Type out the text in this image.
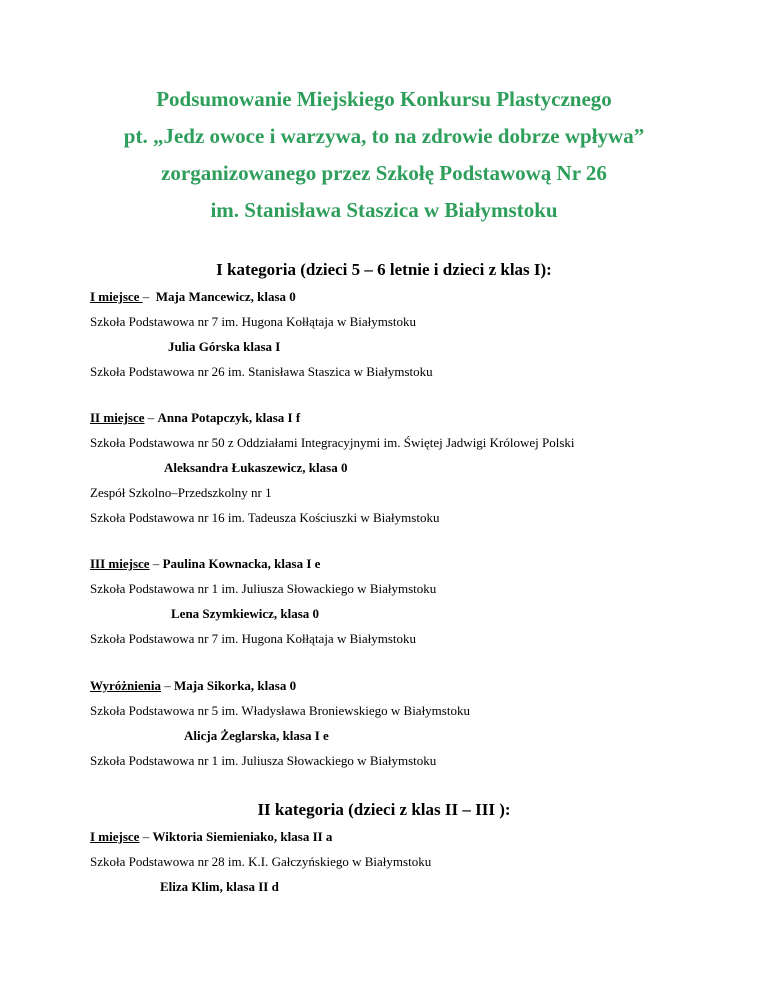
Podsumowanie Miejskiego Konkursu Plastycznego
pt. „Jedz owoce i warzywa, to na zdrowie dobrze wpływa”
zorganizowanego przez Szkołę Podstawową Nr 26
im. Stanisława Staszica w Białymstoku
I kategoria (dzieci 5 – 6 letnie i dzieci z klas I):
I miejsce –  Maja Mancewicz, klasa 0
Szkoła Podstawowa nr 7 im. Hugona Kołłątaja w Białymstoku
Julia Górska klasa I
Szkoła Podstawowa nr 26 im. Stanisława Staszica w Białymstoku
II miejsce – Anna Potapczyk, klasa I f
Szkoła Podstawowa nr 50 z Oddziałami Integracyjnymi im. Świętej Jadwigi Królowej Polski
Aleksandra Łukaszewicz, klasa 0
Zespół Szkolno–Przedszkolny nr 1
Szkoła Podstawowa nr 16 im. Tadeusza Kościuszki w Białymstoku
III miejsce – Paulina Kownacka, klasa I e
Szkoła Podstawowa nr 1 im. Juliusza Słowackiego w Białymstoku
Lena Szymkiewicz, klasa 0
Szkoła Podstawowa nr 7 im. Hugona Kołłątaja w Białymstoku
Wyróżnienia – Maja Sikorka, klasa 0
Szkoła Podstawowa nr 5 im. Władysława Broniewskiego w Białymstoku
Alicja Żeglarska, klasa I e
Szkoła Podstawowa nr 1 im. Juliusza Słowackiego w Białymstoku
II kategoria (dzieci z klas II – III ):
I miejsce – Wiktoria Siemieniako, klasa II a
Szkoła Podstawowa nr 28 im. K.I. Gałczyńskiego w Białymstoku
Eliza Klim, klasa II d
